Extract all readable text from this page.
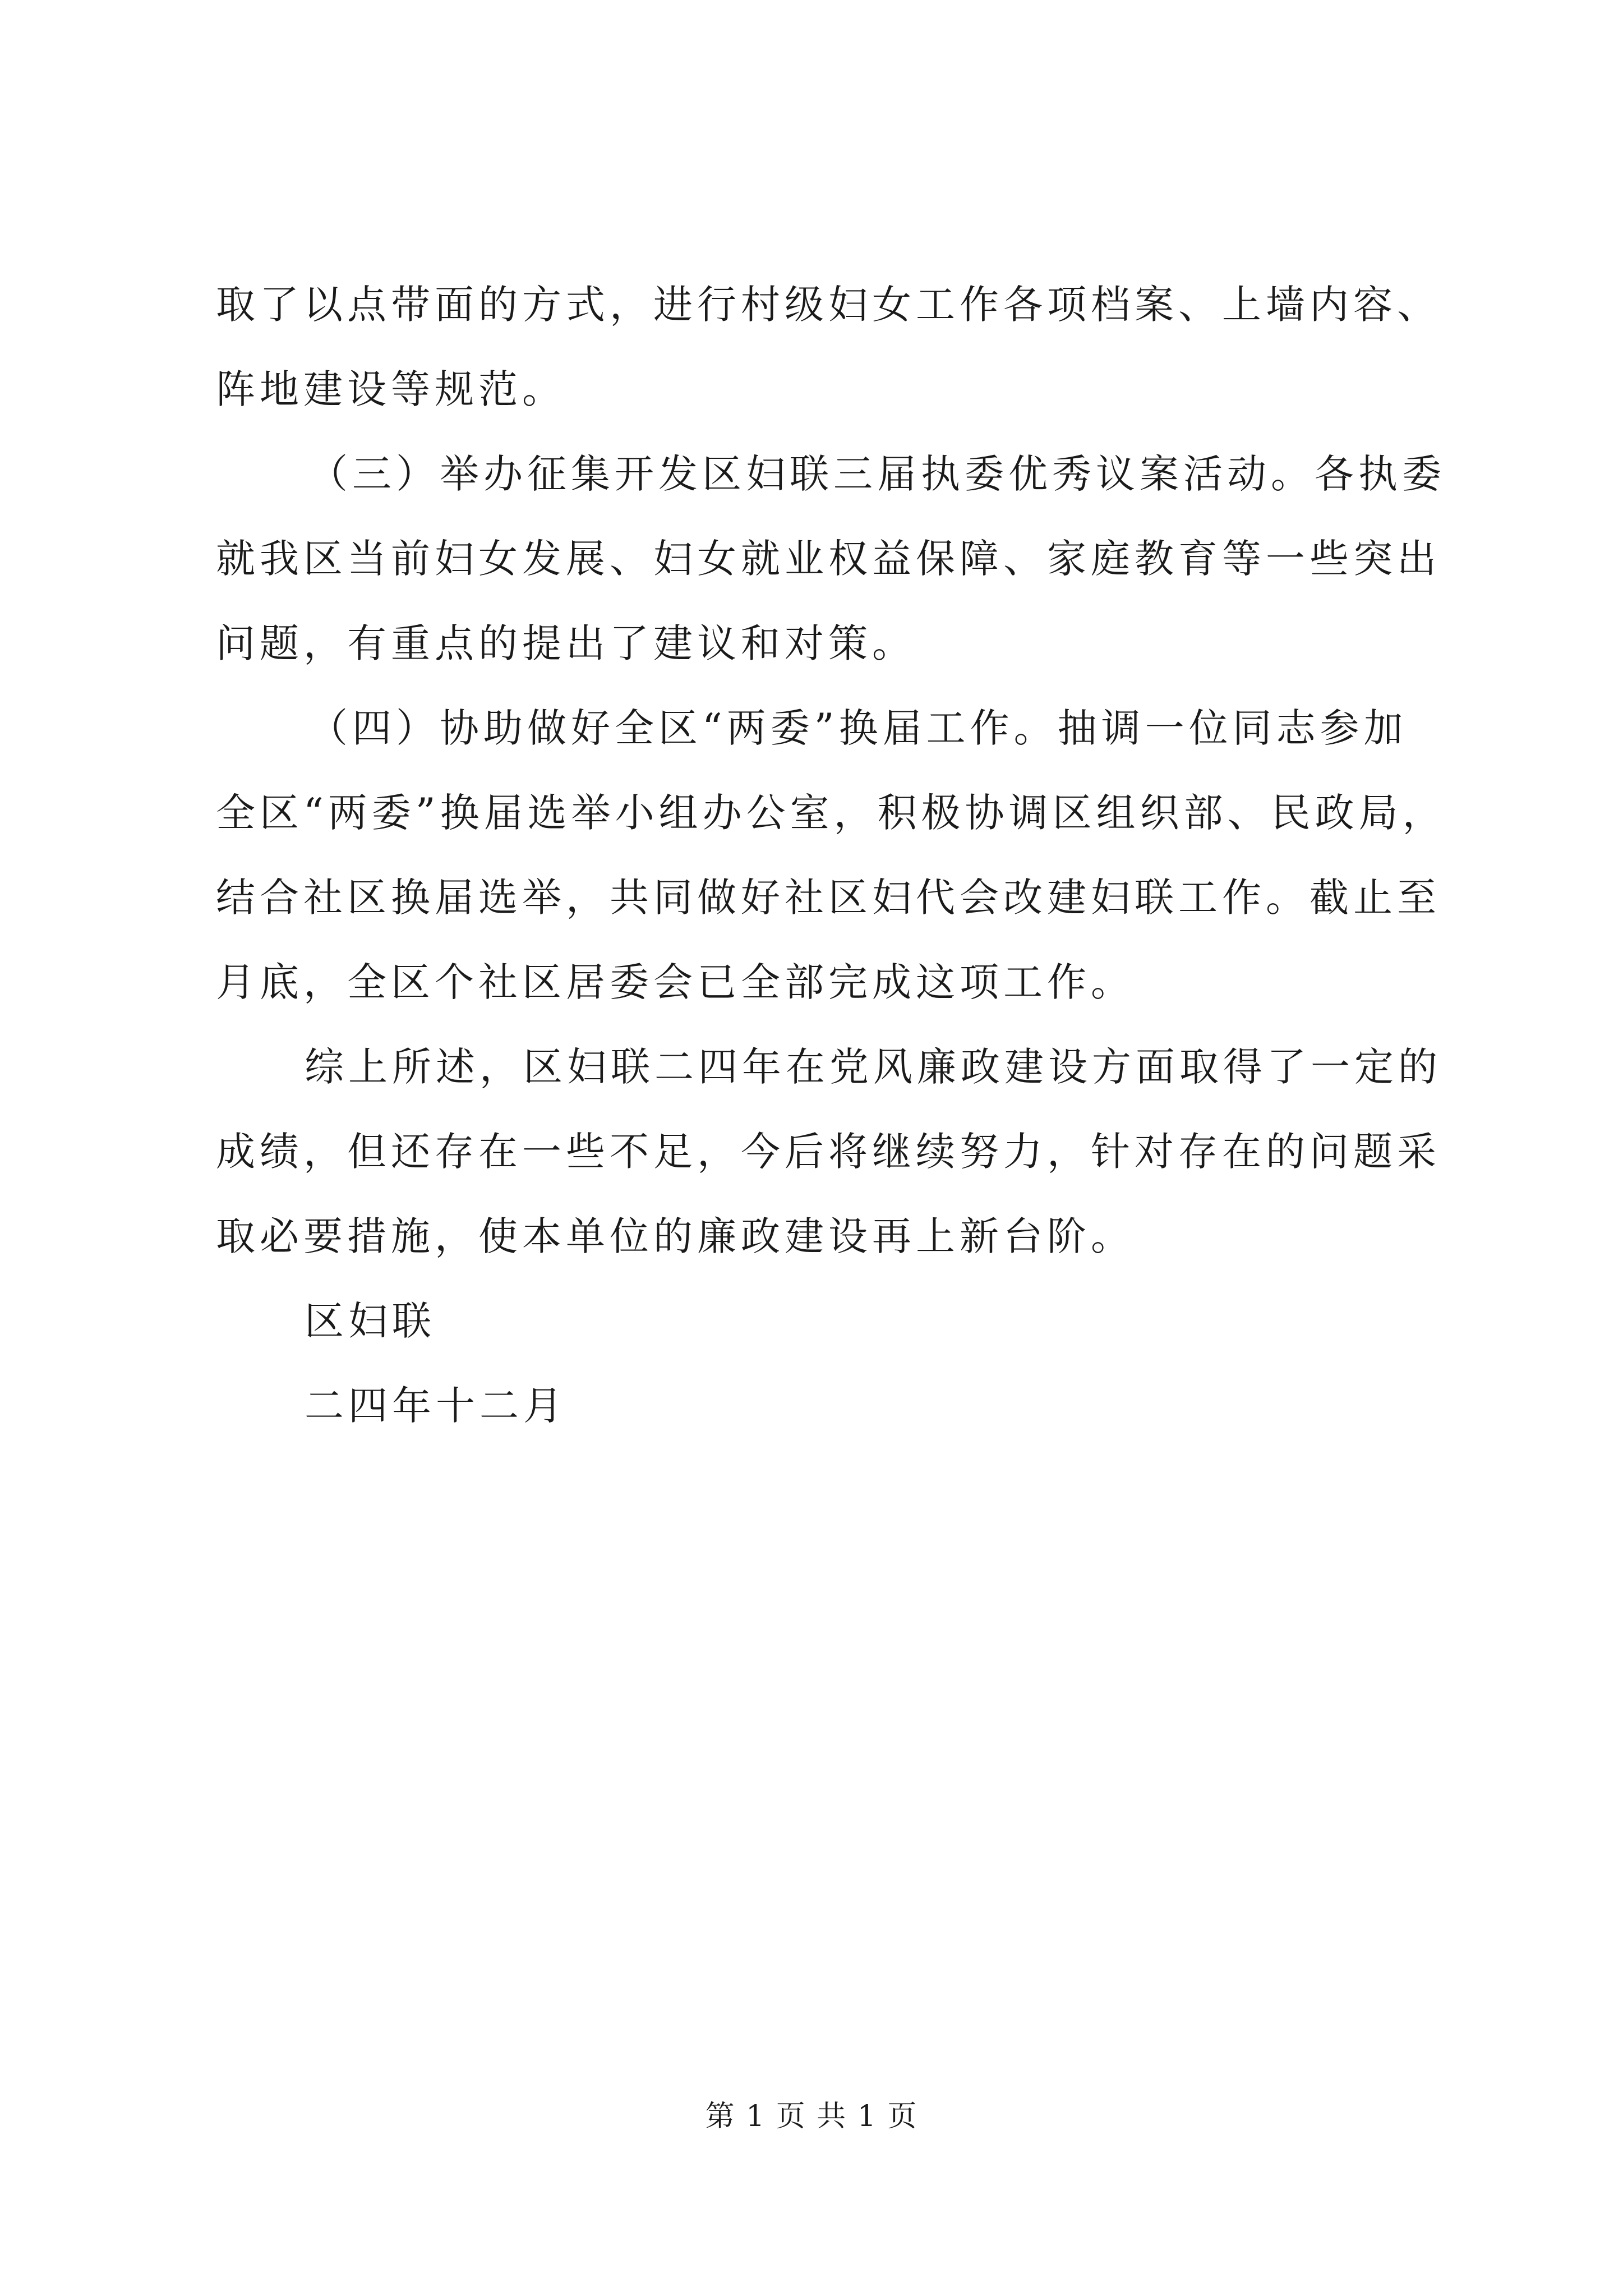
取了以点带面的方式，进行村级妇女工作各项档案、上墙内容、
阵地建设等规范。
（三）举办征集开发区妇联三届执委优秀议案活动。各执委
就我区当前妇女发展、妇女就业权益保障、家庭教育等一些突出
问题，有重点的提出了建议和对策。
（四）协助做好全区“两委”换届工作。抽调一位同志参加
全区“两委”换届选举小组办公室，积极协调区组织部、民政局，
结合社区换届选举，共同做好社区妇代会改建妇联工作。截止至
月底，全区个社区居委会已全部完成这项工作。
综上所述，区妇联二四年在党风廉政建设方面取得了一定的
成绩，但还存在一些不足，今后将继续努力，针对存在的问题采
取必要措施，使本单位的廉政建设再上新台阶。
区妇联
二四年十二月
第 1 页 共 1 页
